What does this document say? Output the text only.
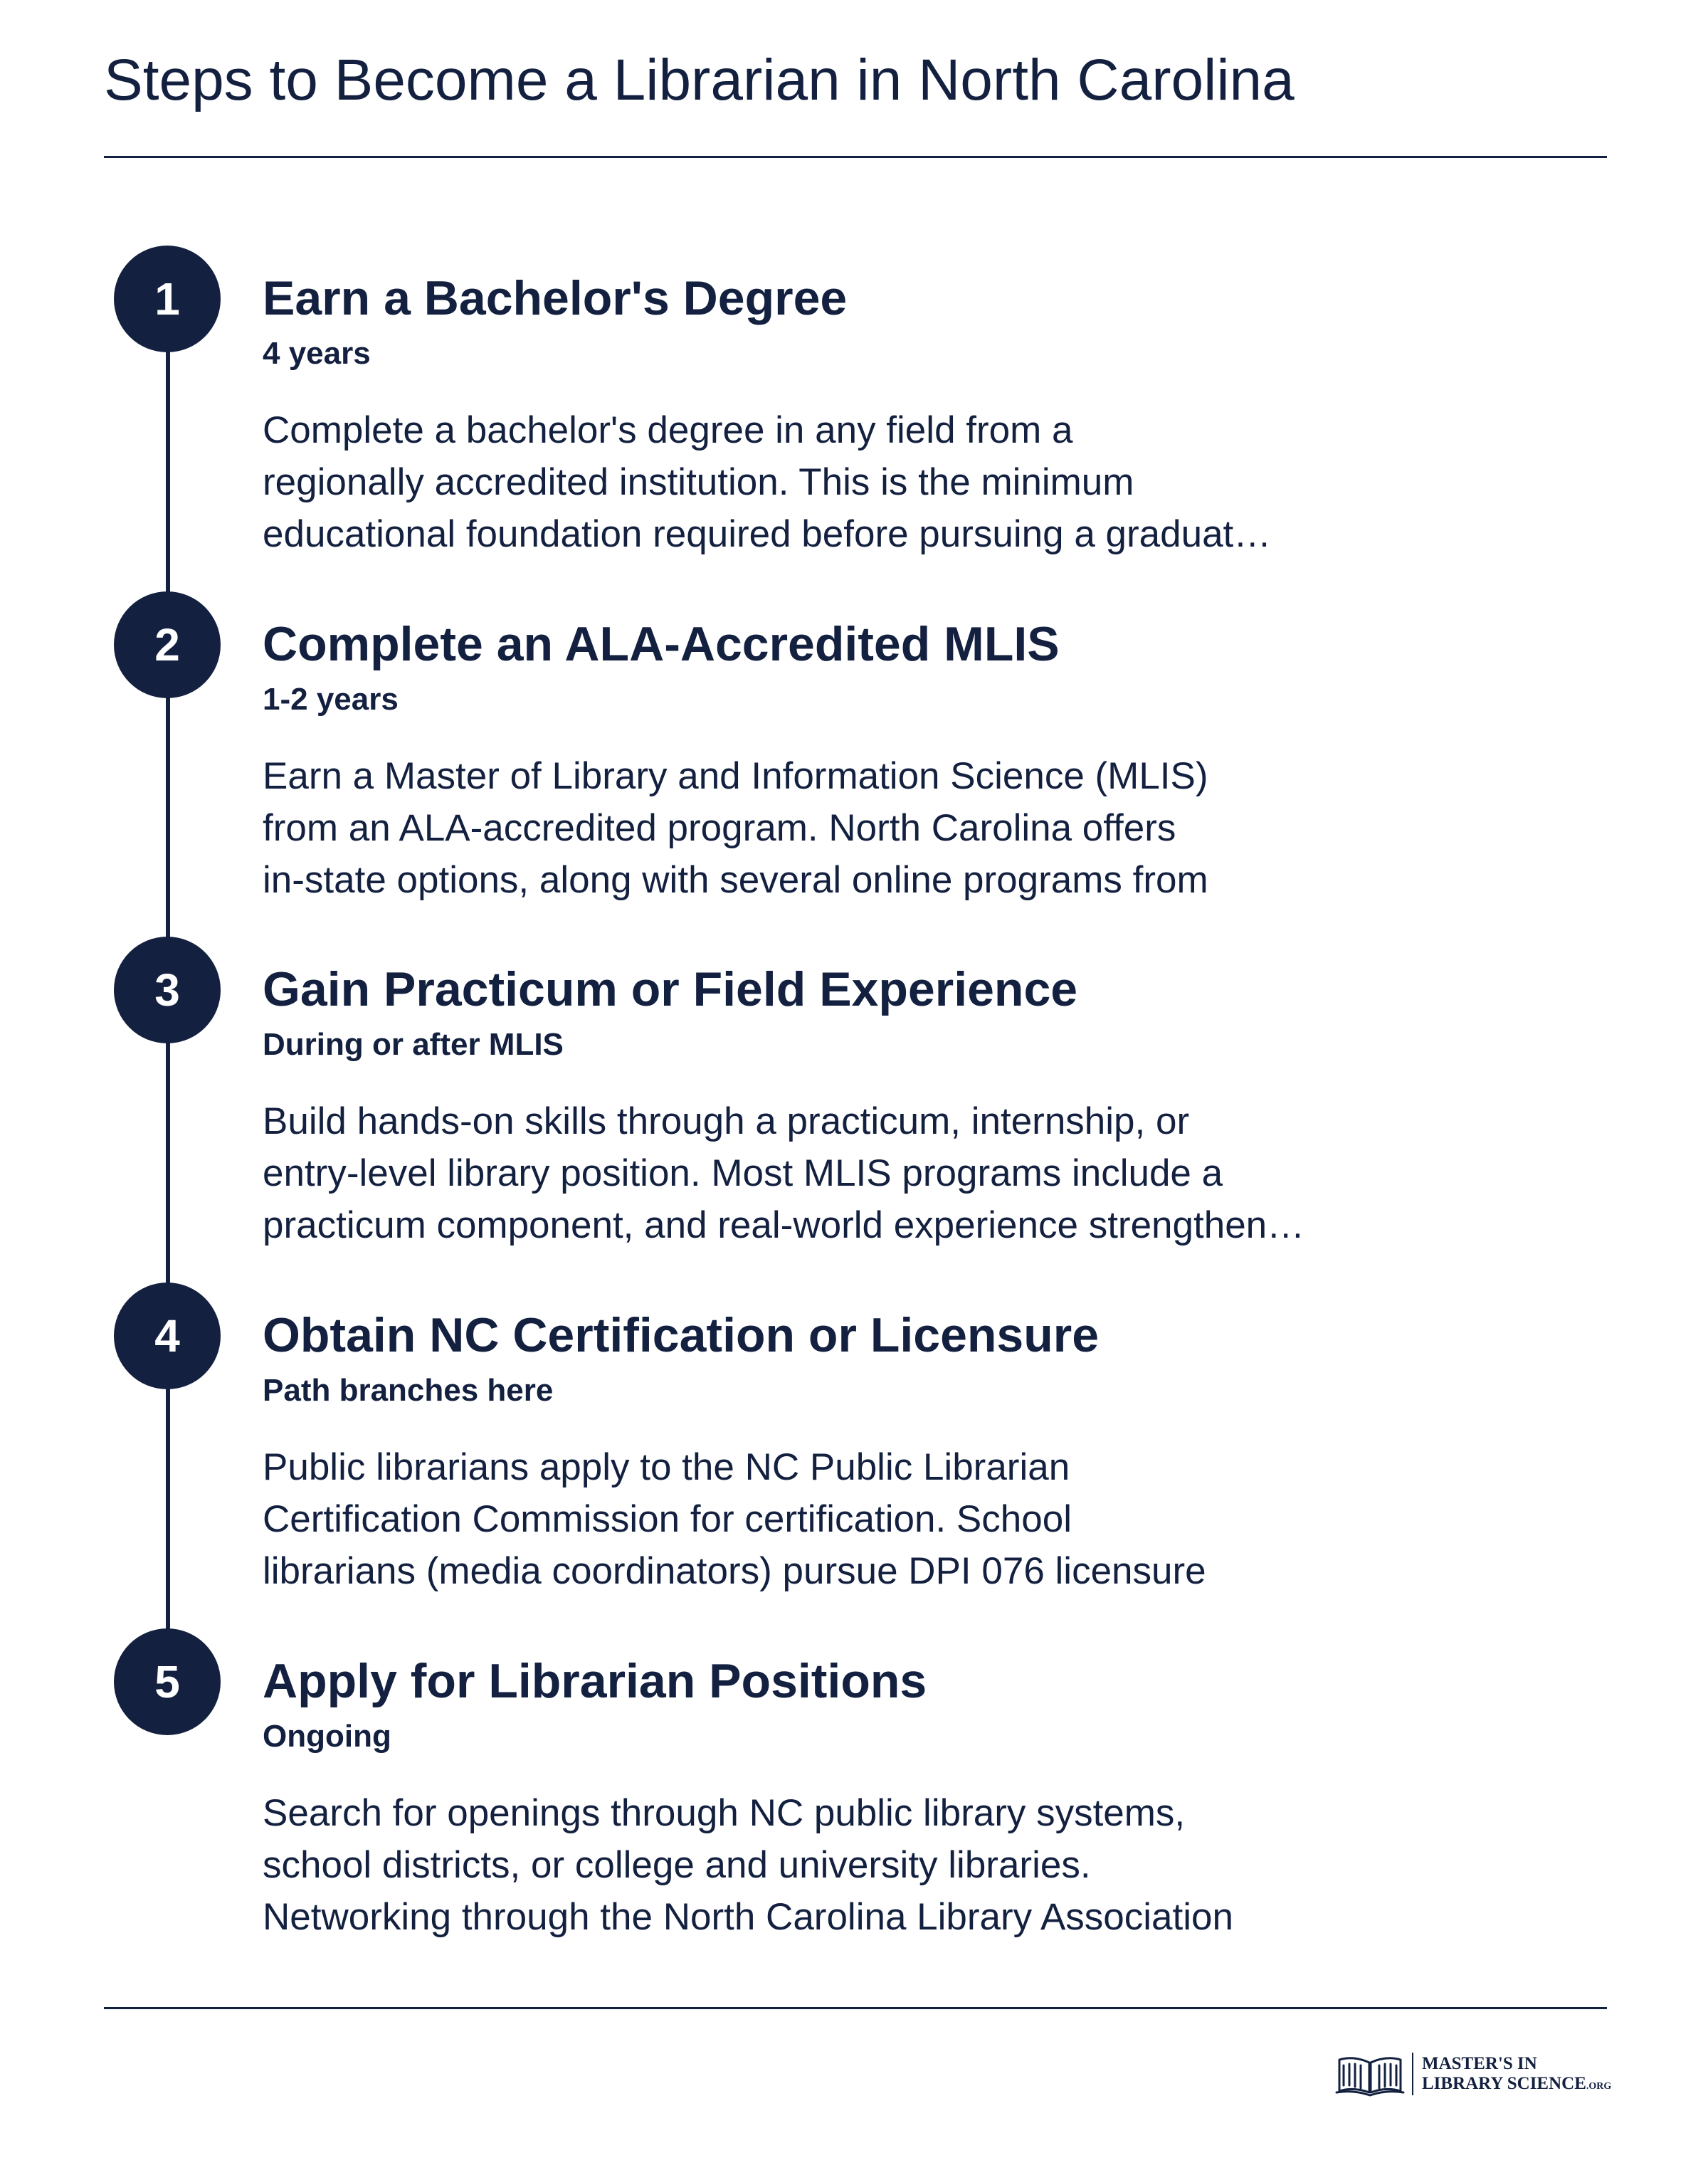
Steps to Become a Librarian in North Carolina
1	Earn a Bachelor's Degree
4 years

Complete a bachelor's degree in any field from a
regionally accredited institution. This is the minimum
educational foundation required before pursuing a graduat…

2	Complete an ALA-Accredited MLIS
1-2 years

Earn a Master of Library and Information Science (MLIS)
from an ALA-accredited program. North Carolina offers
in-state options, along with several online programs from

3	Gain Practicum or Field Experience
During or after MLIS

Build hands-on skills through a practicum, internship, or
entry-level library position. Most MLIS programs include a
practicum component, and real-world experience strengthen…

4	Obtain NC Certification or Licensure
Path branches here

Public librarians apply to the NC Public Librarian
Certification Commission for certification. School
librarians (media coordinators) pursue DPI 076 licensure

5	Apply for Librarian Positions
Ongoing

Search for openings through NC public library systems,
school districts, or college and university libraries.
Networking through the North Carolina Library Association

MASTER'S IN
LIBRARY SCIENCE.ORG
